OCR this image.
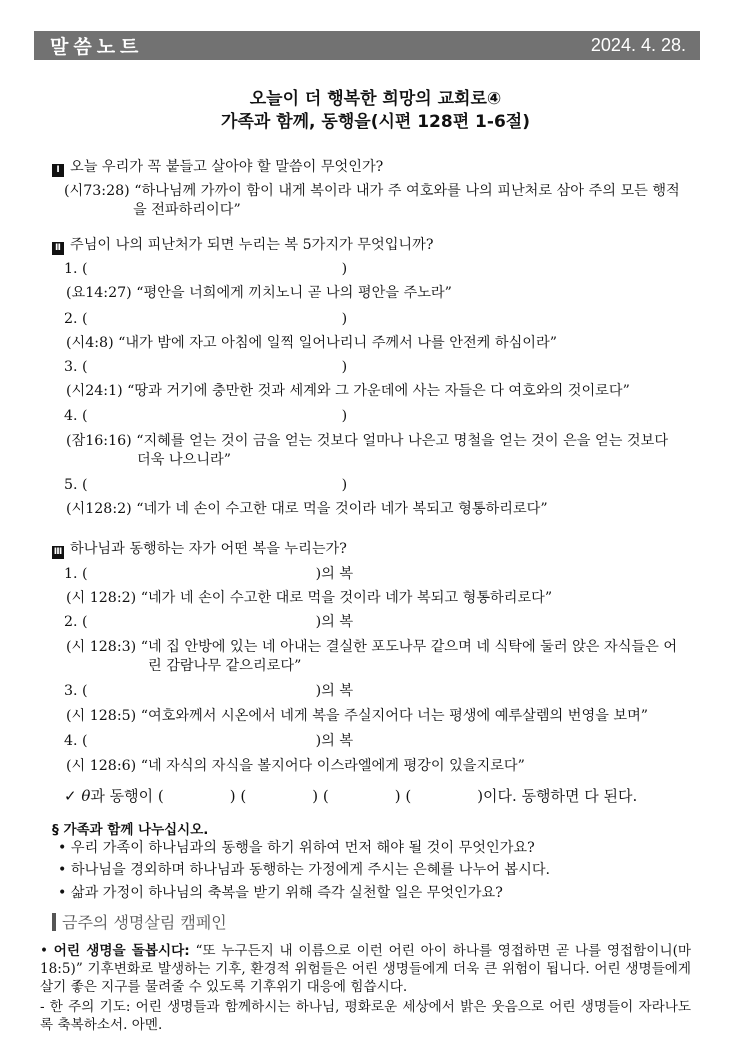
말씀노트	2024. 4. 28.
오늘이 더 행복한 희망의 교회로④
가족과 함께, 동행을(시편 128편 1-6절)
Ⅰ 오늘 우리가 꼭 붙들고 살아야 할 말씀이 무엇인가?
(시73:28) “하나님께 가까이 함이 내게 복이라 내가 주 여호와를 나의 피난처로 삼아 주의 모든 행적
을 전파하리이다”
Ⅱ 주님이 나의 피난처가 되면 누리는 복 5가지가 무엇입니까?
1. (	)
(요14:27) “평안을 너희에게 끼치노니 곧 나의 평안을 주노라”
2. (	)
(시4:8) “내가 밤에 자고 아침에 일찍 일어나리니 주께서 나를 안전케 하심이라”
3. (	)
(시24:1) “땅과 거기에 충만한 것과 세계와 그 가운데에 사는 자들은 다 여호와의 것이로다”
4. (	)
(잠16:16) “지혜를 얻는 것이 금을 얻는 것보다 얼마나 나은고 명철을 얻는 것이 은을 얻는 것보다
더욱 나으니라”
5. (	)
(시128:2) “네가 네 손이 수고한 대로 먹을 것이라 네가 복되고 형통하리로다”
Ⅲ 하나님과 동행하는 자가 어떤 복을 누리는가?
1. (	)의 복
(시 128:2) “네가 네 손이 수고한 대로 먹을 것이라 네가 복되고 형통하리로다”
2. (	)의 복
(시 128:3) “네 집 안방에 있는 네 아내는 결실한 포도나무 같으며 네 식탁에 둘러 앉은 자식들은 어
린 감람나무 같으리로다”
3. (	)의 복
(시 128:5) “여호와께서 시온에서 네게 복을 주실지어다 너는 평생에 예루살렘의 번영을 보며”
4. (	)의 복
(시 128:6) “네 자식의 자식을 볼지어다 이스라엘에게 평강이 있을지로다”
✓ θ과 동행이 (	) (	) (	) (	)이다. 동행하면 다 된다.
§ 가족과 함께 나누십시오.
• 우리 가족이 하나님과의 동행을 하기 위하여 먼저 해야 될 것이 무엇인가요?
• 하나님을 경외하며 하나님과 동행하는 가정에게 주시는 은혜를 나누어 봅시다.
• 삶과 가정이 하나님의 축복을 받기 위해 즉각 실천할 일은 무엇인가요?
금주의 생명살림 캠페인
• 어린 생명을 돌봅시다: “또 누구든지 내 이름으로 이런 어린 아이 하나를 영접하면 곧 나를 영접함이니(마 18:5)” 기후변화로 발생하는 기후, 환경적 위험들은 어린 생명들에게 더욱 큰 위험이 됩니다. 어린 생명들에게 살기 좋은 지구를 물려줄 수 있도록 기후위기 대응에 힘씁시다.
- 한 주의 기도: 어린 생명들과 함께하시는 하나님, 평화로운 세상에서 밝은 웃음으로 어린 생명들이 자라나도록 축복하소서. 아멘.
